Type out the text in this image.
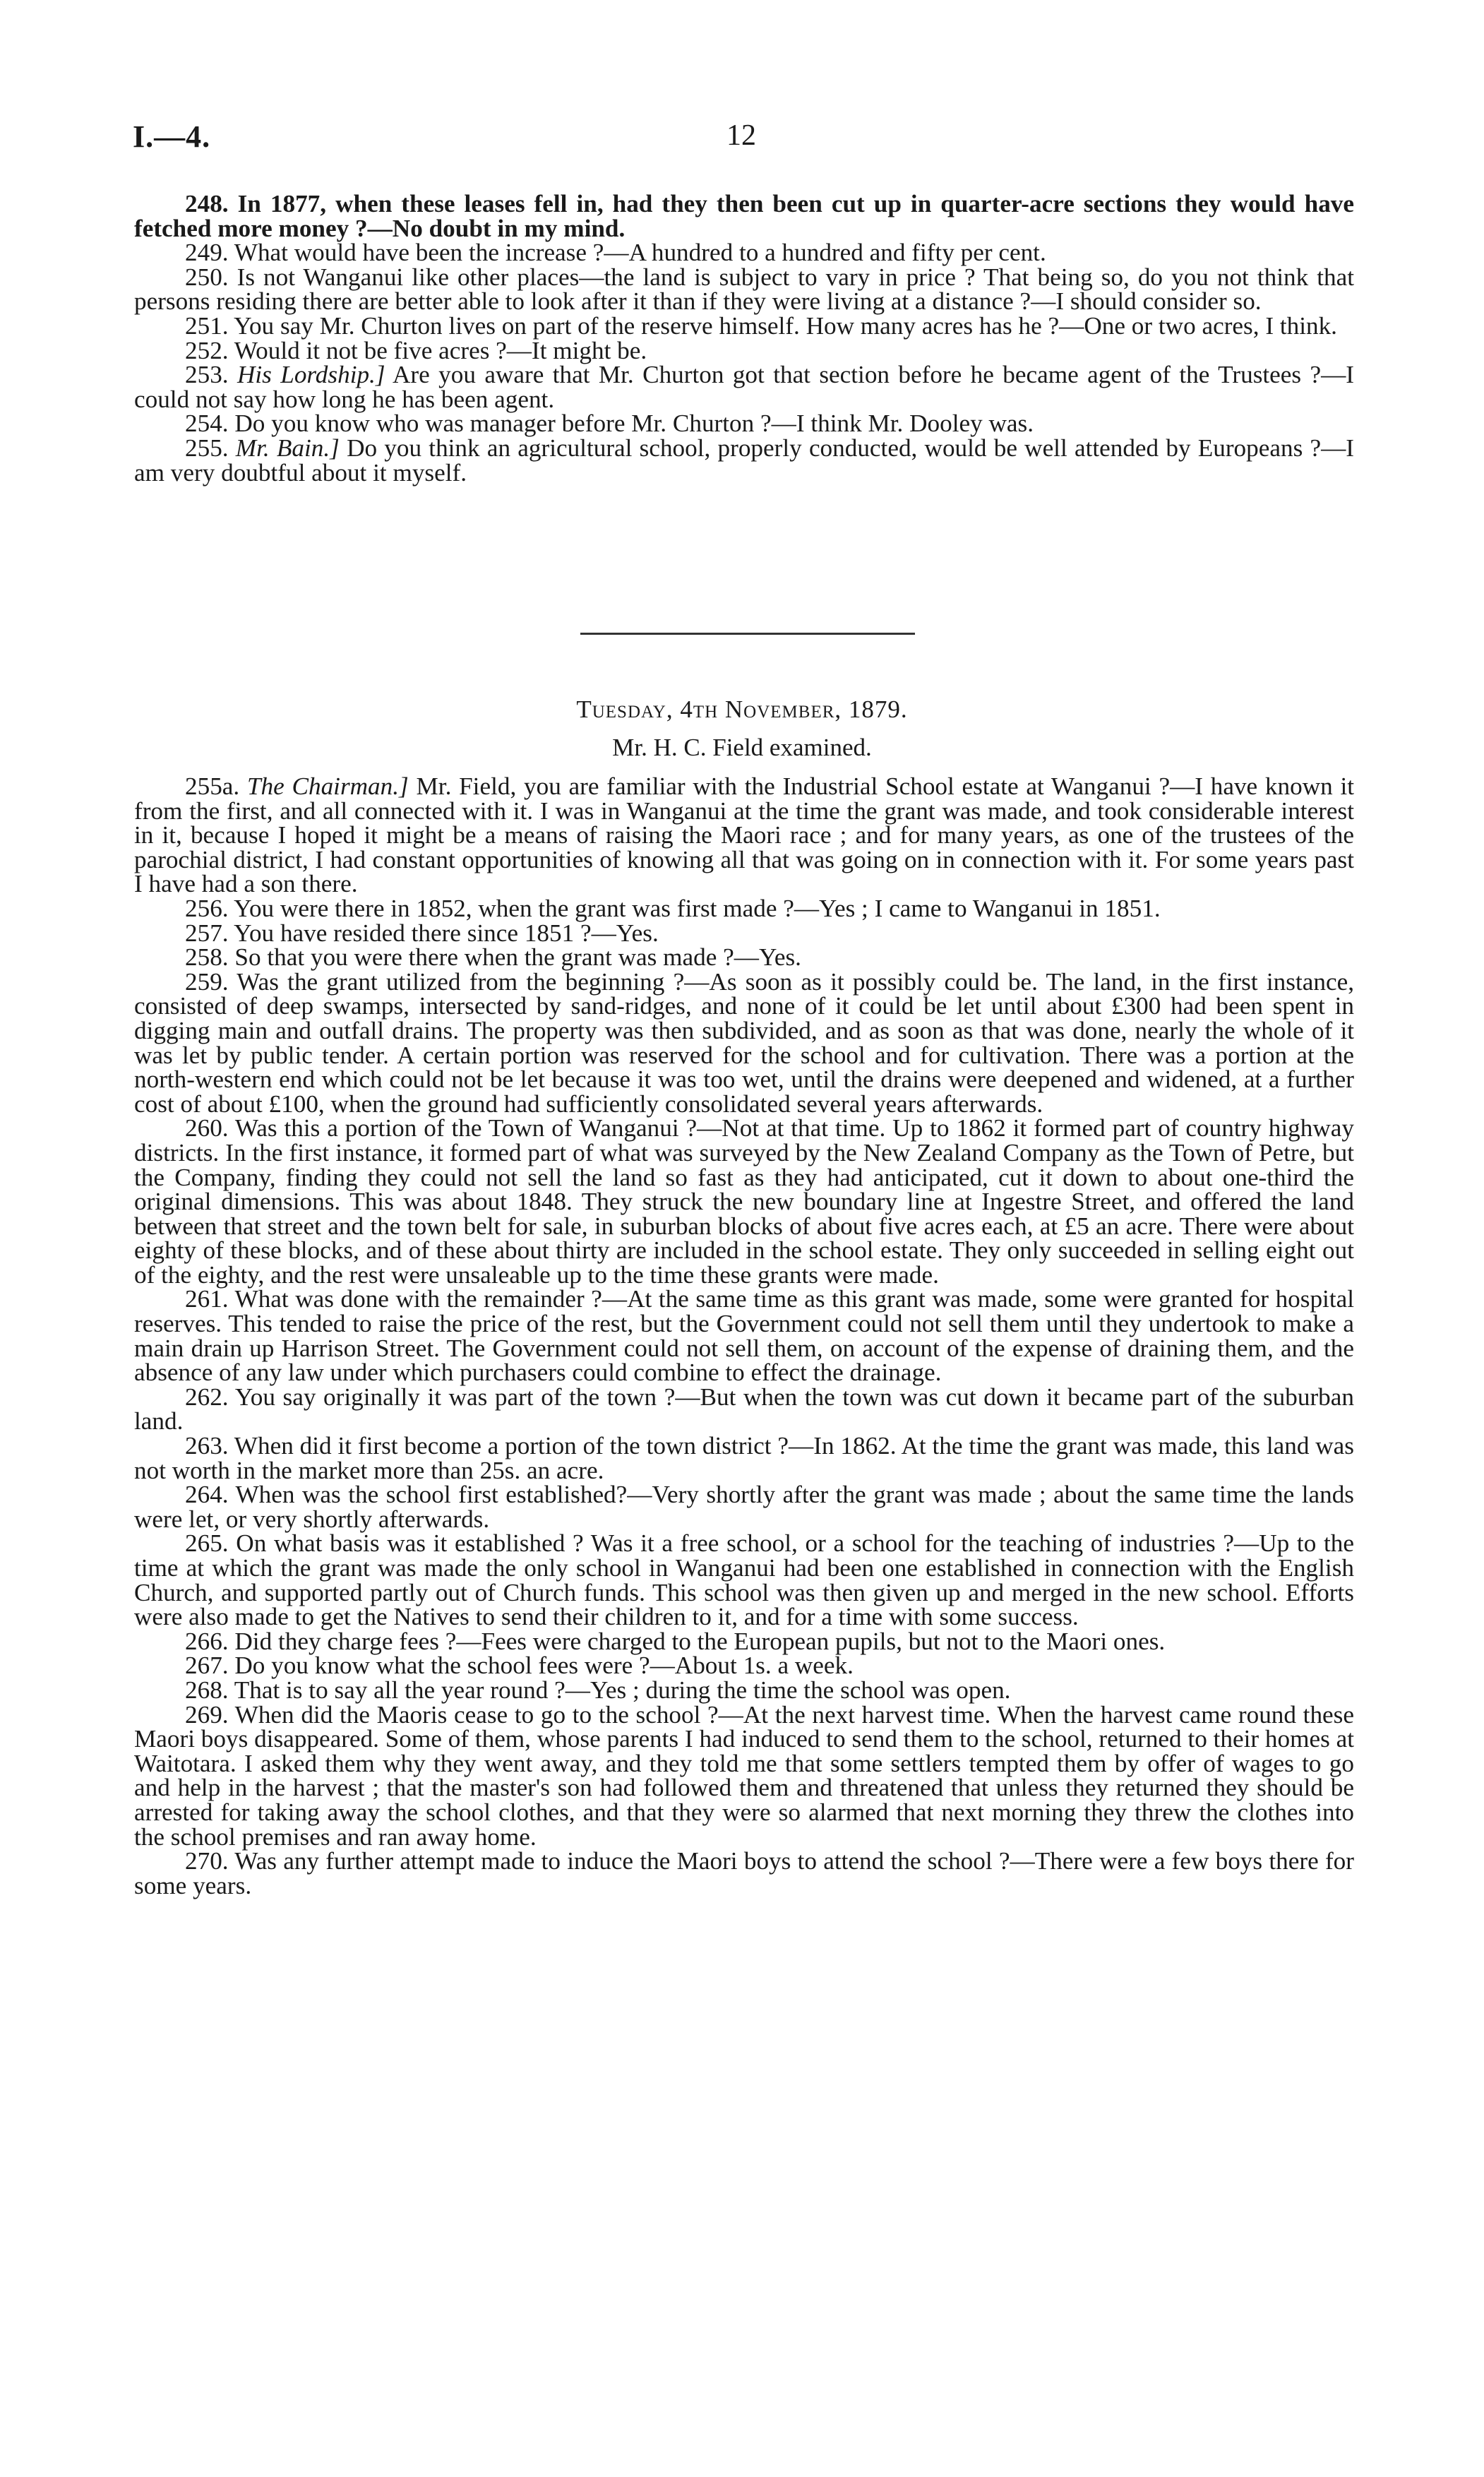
I.—4.	12

248. In 1877, when these leases fell in, had they then been cut up in quarter-acre sections they would have fetched more money ?—No doubt in my mind.

249. What would have been the increase ?—A hundred to a hundred and fifty per cent.

250. Is not Wanganui like other places—the land is subject to vary in price ? That being so, do you not think that persons residing there are better able to look after it than if they were living at a distance ?—I should consider so.

251. You say Mr. Churton lives on part of the reserve himself. How many acres has he ?—One or two acres, I think.

252. Would it not be five acres ?—It might be.

253. His Lordship.] Are you aware that Mr. Churton got that section before he became agent of the Trustees ?—I could not say how long he has been agent.

254. Do you know who was manager before Mr. Churton ?—I think Mr. Dooley was.

255. Mr. Bain.] Do you think an agricultural school, properly conducted, would be well attended by Europeans ?—I am very doubtful about it myself.

Tuesday, 4th November, 1879.
Mr. H. C. Field examined.

255a. The Chairman.] Mr. Field, you are familiar with the Industrial School estate at Wanganui ?—I have known it from the first, and all connected with it. I was in Wanganui at the time the grant was made, and took considerable interest in it, because I hoped it might be a means of raising the Maori race ; and for many years, as one of the trustees of the parochial district, I had constant opportunities of knowing all that was going on in connection with it. For some years past I have had a son there.

256. You were there in 1852, when the grant was first made ?—Yes ; I came to Wanganui in 1851.

257. You have resided there since 1851 ?—Yes.

258. So that you were there when the grant was made ?—Yes.

259. Was the grant utilized from the beginning ?—As soon as it possibly could be. The land, in the first instance, consisted of deep swamps, intersected by sand-ridges, and none of it could be let until about £300 had been spent in digging main and outfall drains. The property was then subdivided, and as soon as that was done, nearly the whole of it was let by public tender. A certain portion was reserved for the school and for cultivation. There was a portion at the north-western end which could not be let because it was too wet, until the drains were deepened and widened, at a further cost of about £100, when the ground had sufficiently consolidated several years afterwards.

260. Was this a portion of the Town of Wanganui ?—Not at that time. Up to 1862 it formed part of country highway districts. In the first instance, it formed part of what was surveyed by the New Zealand Company as the Town of Petre, but the Company, finding they could not sell the land so fast as they had anticipated, cut it down to about one-third the original dimensions. This was about 1848. They struck the new boundary line at Ingestre Street, and offered the land between that street and the town belt for sale, in suburban blocks of about five acres each, at £5 an acre. There were about eighty of these blocks, and of these about thirty are included in the school estate. They only succeeded in selling eight out of the eighty, and the rest were unsaleable up to the time these grants were made.

261. What was done with the remainder ?—At the same time as this grant was made, some were granted for hospital reserves. This tended to raise the price of the rest, but the Government could not sell them until they undertook to make a main drain up Harrison Street. The Government could not sell them, on account of the expense of draining them, and the absence of any law under which purchasers could combine to effect the drainage.

262. You say originally it was part of the town ?—But when the town was cut down it became part of the suburban land.

263. When did it first become a portion of the town district ?—In 1862. At the time the grant was made, this land was not worth in the market more than 25s. an acre.

264. When was the school first established?—Very shortly after the grant was made ; about the same time the lands were let, or very shortly afterwards.

265. On what basis was it established ? Was it a free school, or a school for the teaching of industries ?—Up to the time at which the grant was made the only school in Wanganui had been one established in connection with the English Church, and supported partly out of Church funds. This school was then given up and merged in the new school. Efforts were also made to get the Natives to send their children to it, and for a time with some success.

266. Did they charge fees ?—Fees were charged to the European pupils, but not to the Maori ones.

267. Do you know what the school fees were ?—About 1s. a week.

268. That is to say all the year round ?—Yes ; during the time the school was open.

269. When did the Maoris cease to go to the school ?—At the next harvest time. When the harvest came round these Maori boys disappeared. Some of them, whose parents I had induced to send them to the school, returned to their homes at Waitotara. I asked them why they went away, and they told me that some settlers tempted them by offer of wages to go and help in the harvest ; that the master's son had followed them and threatened that unless they returned they should be arrested for taking away the school clothes, and that they were so alarmed that next morning they threw the clothes into the school premises and ran away home.

270. Was any further attempt made to induce the Maori boys to attend the school ?—There were a few boys there for some years.
